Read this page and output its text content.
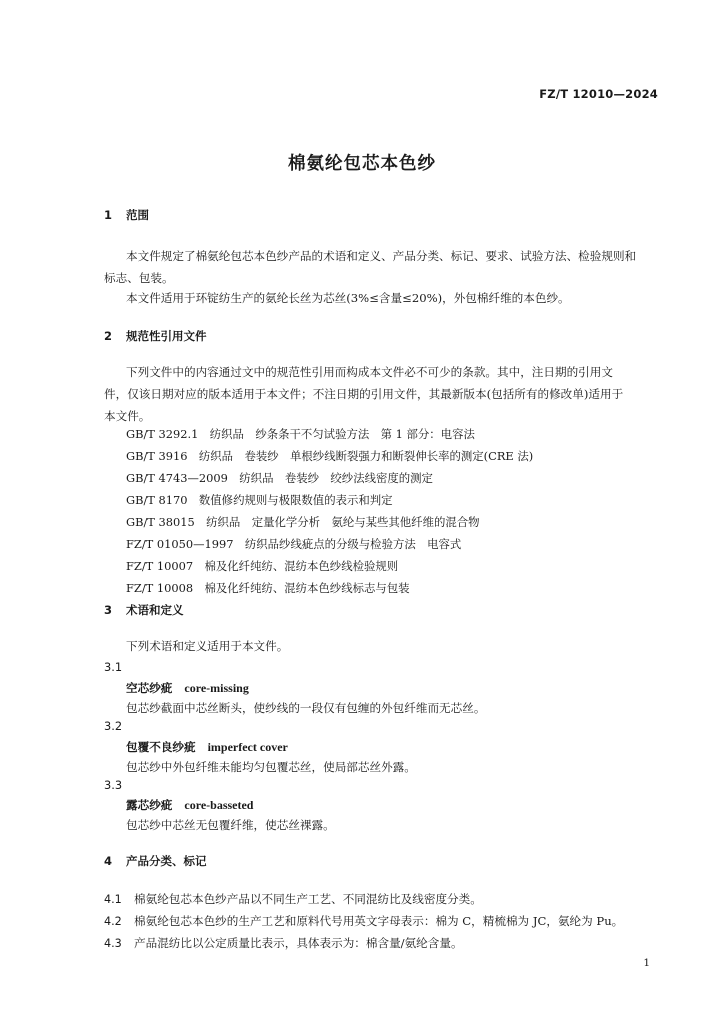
FZ/T 12010—2024
棉氨纶包芯本色纱
1 范围
本文件规定了棉氨纶包芯本色纱产品的术语和定义、产品分类、标记、要求、试验方法、检验规则和
标志、包装。
本文件适用于环锭纺生产的氨纶长丝为芯丝(3%≤含量≤20%)，外包棉纤维的本色纱。
2 规范性引用文件
下列文件中的内容通过文中的规范性引用而构成本文件必不可少的条款。其中，注日期的引用文
件，仅该日期对应的版本适用于本文件；不注日期的引用文件，其最新版本(包括所有的修改单)适用于
本文件。
GB/T 3292.1　纺织品　纱条条干不匀试验方法　第 1 部分：电容法
GB/T 3916　纺织品　卷装纱　单根纱线断裂强力和断裂伸长率的测定(CRE 法)
GB/T 4743—2009　纺织品　卷装纱　绞纱法线密度的测定
GB/T 8170　数值修约规则与极限数值的表示和判定
GB/T 38015　纺织品　定量化学分析　氨纶与某些其他纤维的混合物
FZ/T 01050—1997　纺织品纱线疵点的分级与检验方法　电容式
FZ/T 10007　棉及化纤纯纺、混纺本色纱线检验规则
FZ/T 10008　棉及化纤纯纺、混纺本色纱线标志与包装
3 术语和定义
下列术语和定义适用于本文件。
3.1
空芯纱疵 core-missing
包芯纱截面中芯丝断头，使纱线的一段仅有包缠的外包纤维而无芯丝。
3.2
包覆不良纱疵 imperfect cover
包芯纱中外包纤维未能均匀包覆芯丝，使局部芯丝外露。
3.3
露芯纱疵 core-basseted
包芯纱中芯丝无包覆纤维，使芯丝裸露。
4 产品分类、标记
4.1 棉氨纶包芯本色纱产品以不同生产工艺、不同混纺比及线密度分类。
4.2 棉氨纶包芯本色纱的生产工艺和原料代号用英文字母表示：棉为 C，精梳棉为 JC，氨纶为 Pu。
4.3 产品混纺比以公定质量比表示，具体表示为：棉含量/氨纶含量。
1
